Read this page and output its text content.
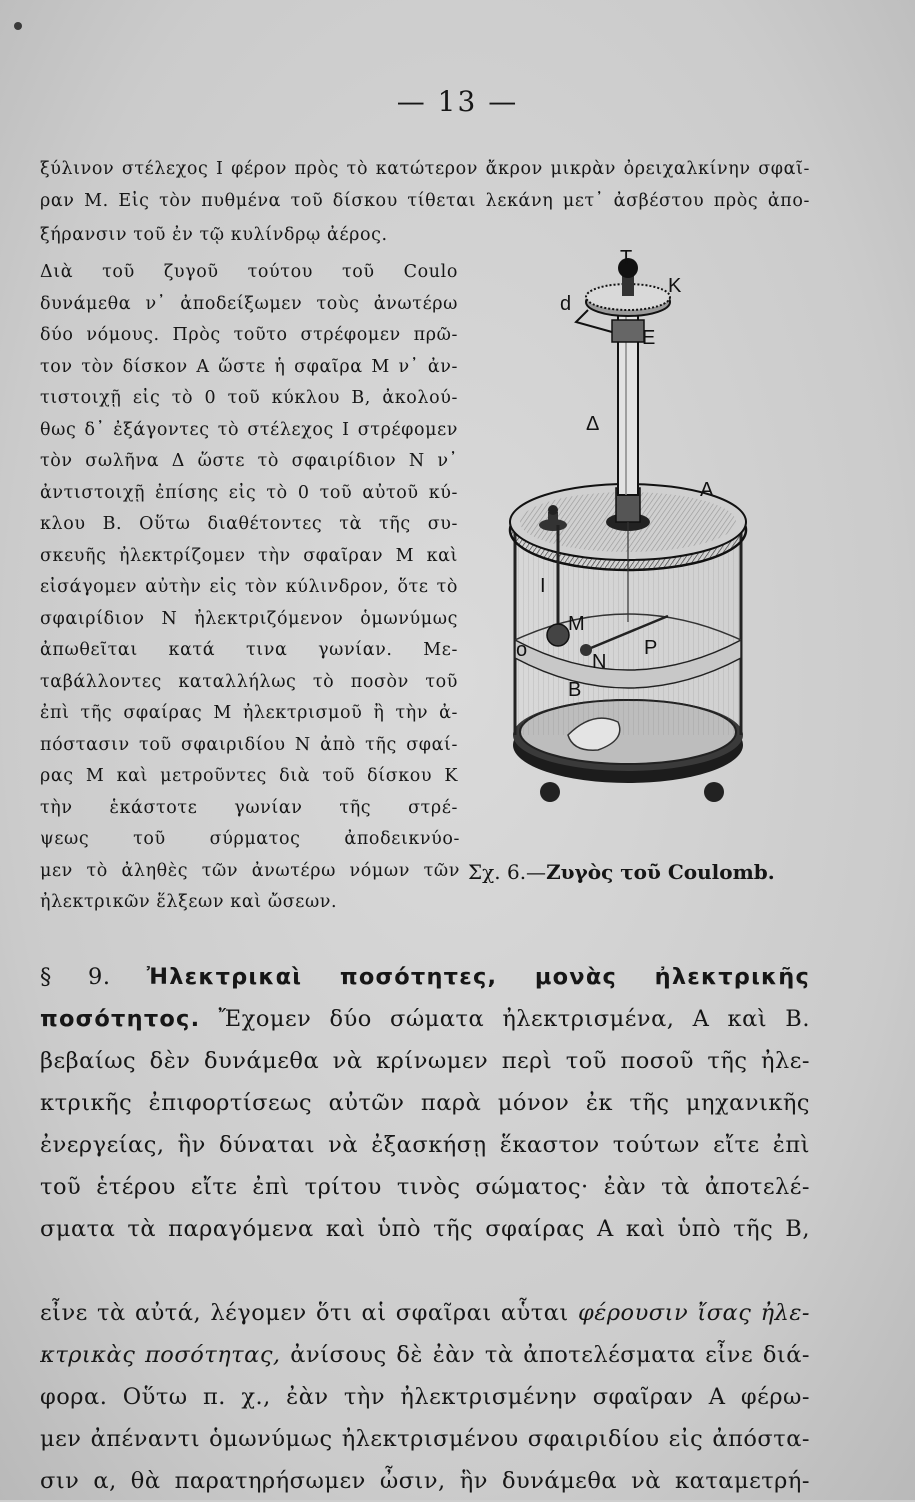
— 13 —
ξύλινον στέλεχος Ι φέρον πρὸς τὸ κατώτερον ἄκρον μικρὰν ὀρειχαλκίνην σφαῖ-
ραν Μ. Εἰς τὸν πυθμένα τοῦ δίσκου τίθεται λεκάνη μετ᾽ ἀσβέστου πρὸς ἀπο-
ξήρανσιν τοῦ ἐν τῷ κυλίνδρῳ ἀέρος.
Διὰ τοῦ ζυγοῦ τούτου τοῦ Coulo
δυνάμεθα ν᾽ ἀποδείξωμεν τοὺς ἀνωτέρω
δύο νόμους. Πρὸς τοῦτο στρέφομεν πρῶ-
τον τὸν δίσκον Α ὥστε ἡ σφαῖρα Μ ν᾽ ἀν-
τιστοιχῇ εἰς τὸ 0 τοῦ κύκλου Β, ἀκολού-
θως δ᾽ ἐξάγοντες τὸ στέλεχος Ι στρέφομεν
τὸν σωλῆνα Δ ὥστε τὸ σφαιρίδιον Ν ν᾽
ἀντιστοιχῇ ἐπίσης εἰς τὸ 0 τοῦ αὐτοῦ κύ-
κλου Β. Οὕτω διαθέτοντες τὰ τῆς συ-
σκευῆς ἠλεκτρίζομεν τὴν σφαῖραν Μ καὶ
εἰσάγομεν αὐτὴν εἰς τὸν κύλινδρον, ὅτε τὸ
σφαιρίδιον Ν ἠλεκτριζόμενον ὁμωνύμως
ἀπωθεῖται κατά τινα γωνίαν. Με-
ταβάλλοντες καταλλήλως τὸ ποσὸν τοῦ
ἐπὶ τῆς σφαίρας Μ ἠλεκτρισμοῦ ἢ τὴν ἀ-
πόστασιν τοῦ σφαιριδίου Ν ἀπὸ τῆς σφαί-
ρας Μ καὶ μετροῦντες διὰ τοῦ δίσκου Κ
τὴν ἑκάστοτε γωνίαν τῆς στρέ-
ψεως τοῦ σύρματος ἀποδεικνύο-
μεν τὸ ἀληθὲς τῶν ἀνωτέρω νόμων τῶν
ἠλεκτρικῶν ἕλξεων καὶ ὤσεων.
T
K
d
E
Δ
A
I
M
N
P
o
B
Σχ. 6.—Ζυγὸς τοῦ Coulomb.
§ 9. Ἠλεκτρικαὶ ποσότητες, μονὰς ἠλεκτρικῆς
ποσότητος. Ἔχομεν δύο σώματα ἠλεκτρισμένα, Α καὶ Β.
βεβαίως δὲν δυνάμεθα νὰ κρίνωμεν περὶ τοῦ ποσοῦ τῆς ἠλε-
κτρικῆς ἐπιφορτίσεως αὐτῶν παρὰ μόνον ἐκ τῆς μηχανικῆς
ἐνεργείας, ἣν δύναται νὰ ἐξασκήσῃ ἕκαστον τούτων εἴτε ἐπὶ
τοῦ ἑτέρου εἴτε ἐπὶ τρίτου τινὸς σώματος· ἐὰν τὰ ἀποτελέ-
σματα τὰ παραγόμενα καὶ ὑπὸ τῆς σφαίρας Α καὶ ὑπὸ τῆς Β,
εἶνε τὰ αὐτά, λέγομεν ὅτι αἱ σφαῖραι αὗται φέρουσιν ἴσας ἠλε-
κτρικὰς ποσότητας, ἀνίσους δὲ ἐὰν τὰ ἀποτελέσματα εἶνε διά-
φορα. Οὕτω π. χ., ἐὰν τὴν ἠλεκτρισμένην σφαῖραν Α φέρω-
μεν ἀπέναντι ὁμωνύμως ἠλεκτρισμένου σφαιριδίου εἰς ἀπόστα-
σιν α, θὰ παρατηρήσωμεν ὦσιν, ἣν δυνάμεθα νὰ καταμετρή-
